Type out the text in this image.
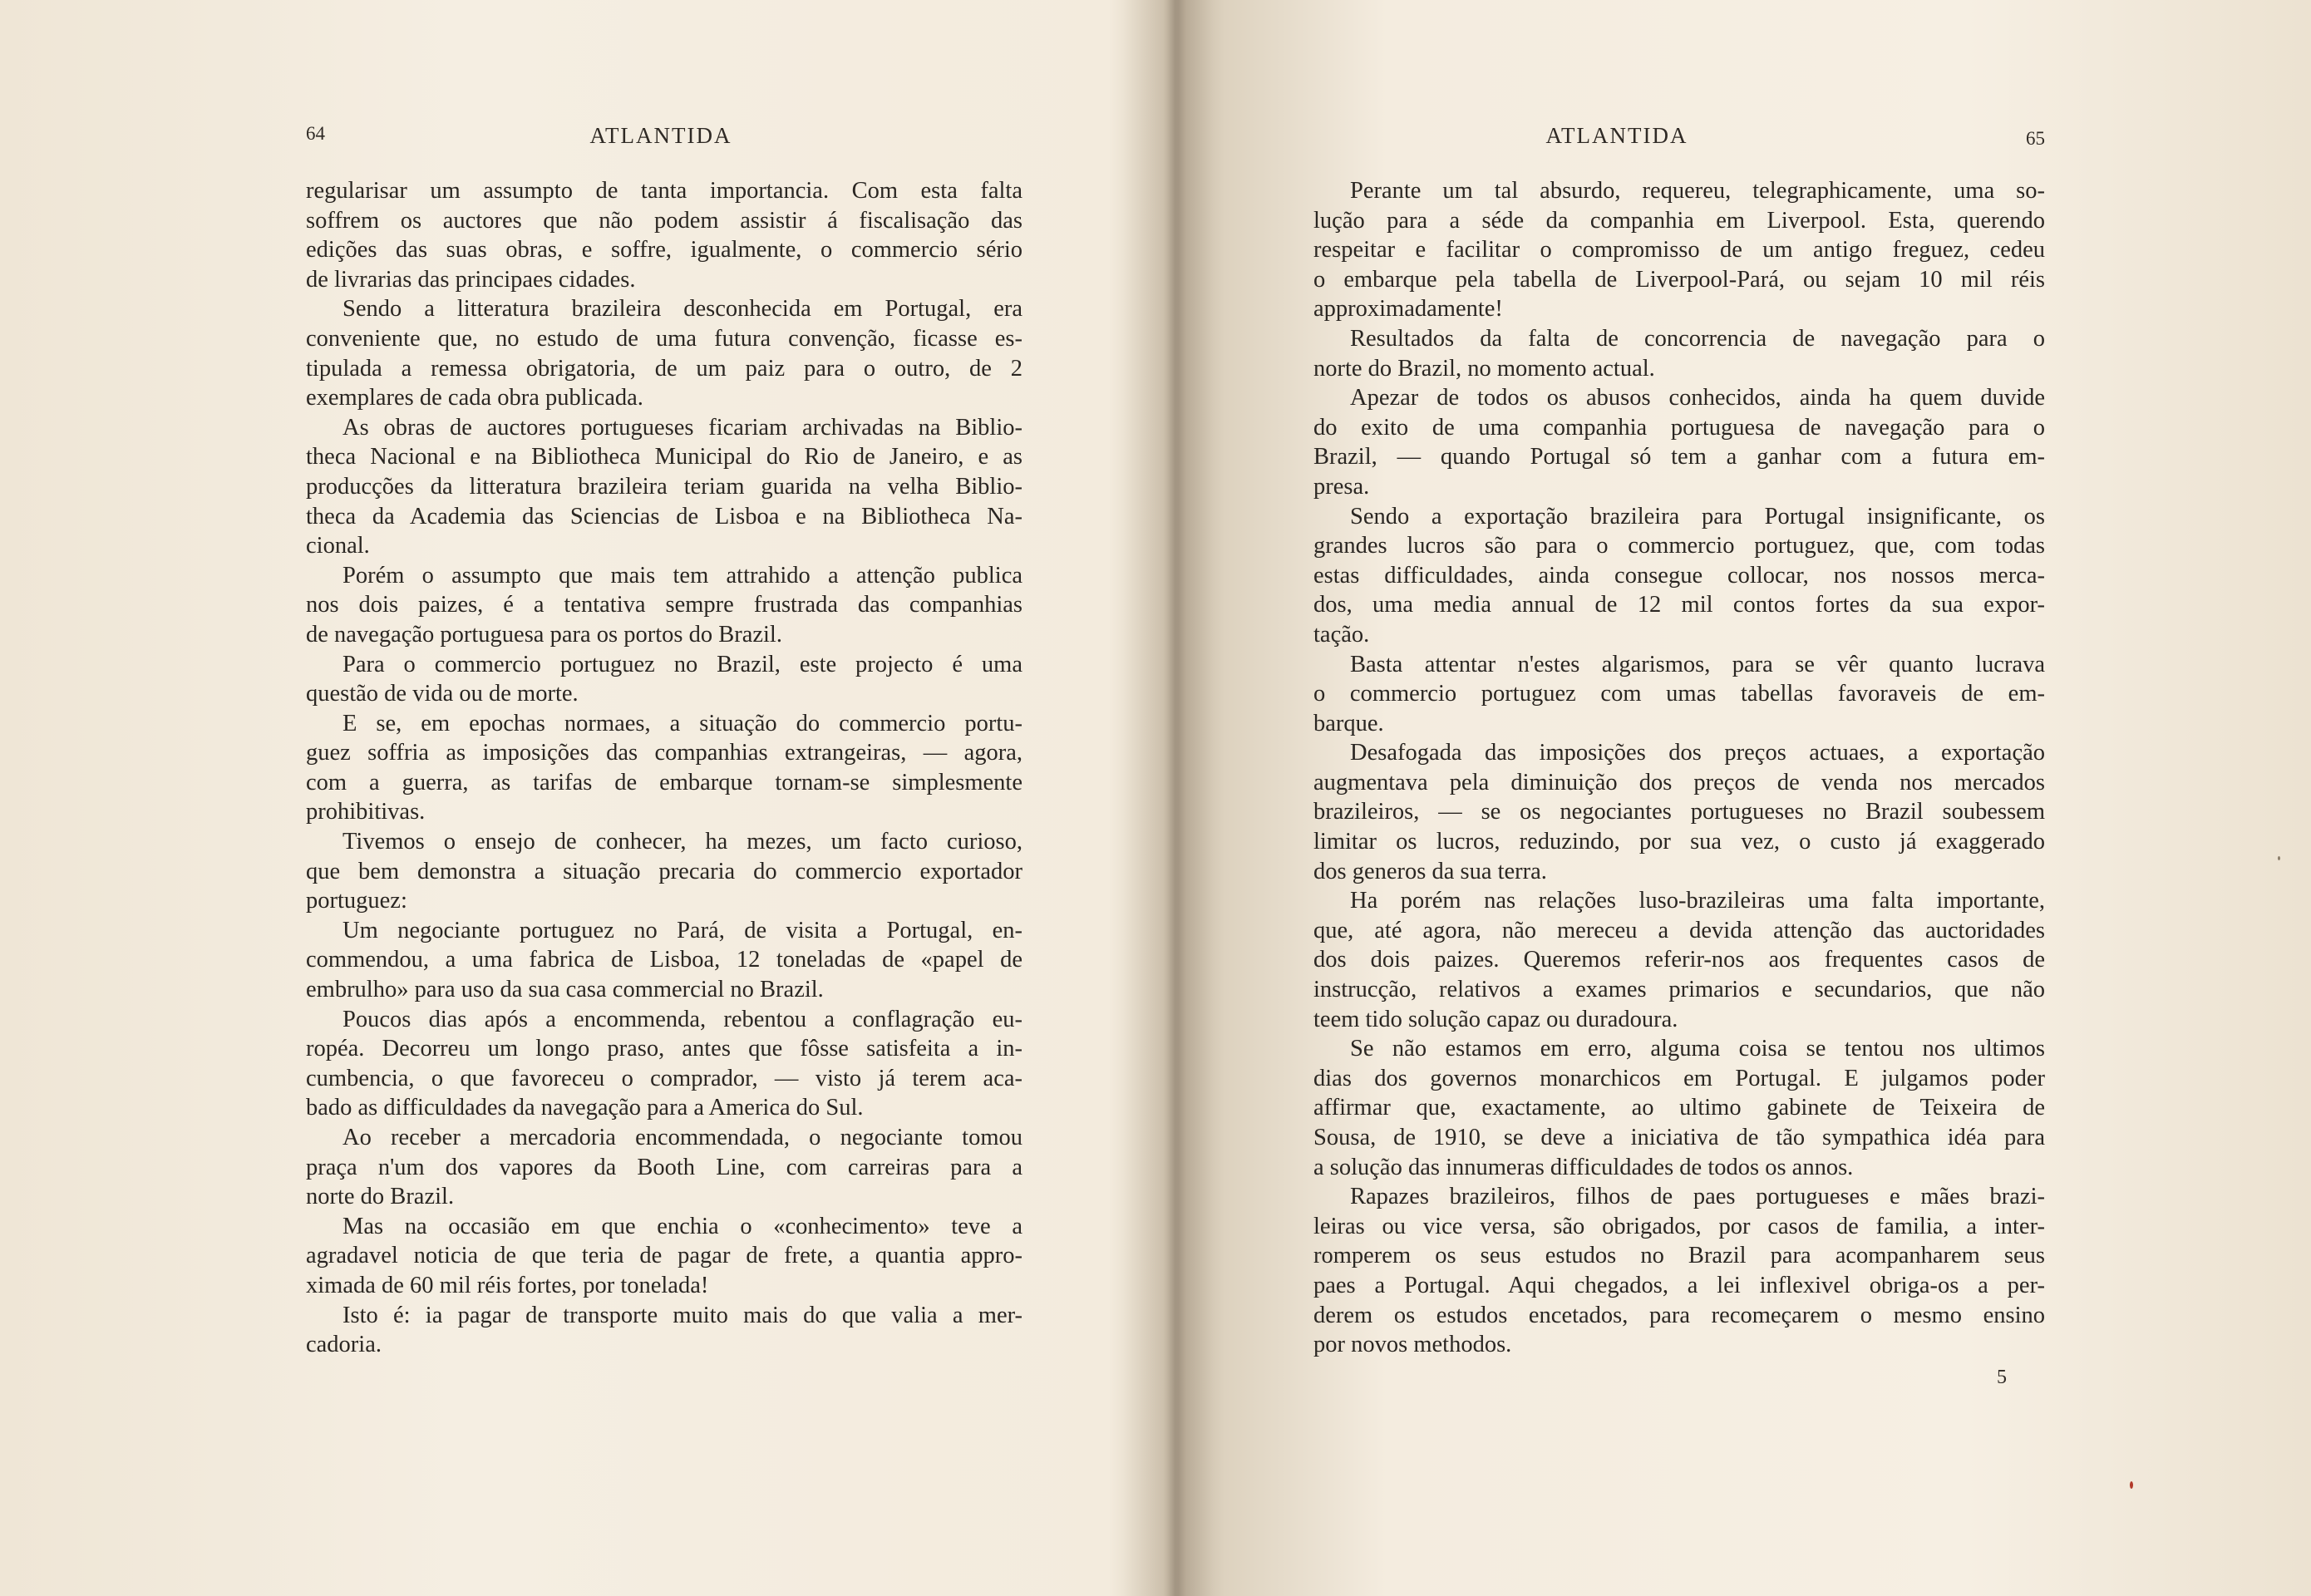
64	ATLANTIDA
regularisar um assumpto de tanta importancia. Com esta falta
soffrem os auctores que não podem assistir á fiscalisação das
edições das suas obras, e soffre, igualmente, o commercio sério
de livrarias das principaes cidades.
Sendo a litteratura brazileira desconhecida em Portugal, era
conveniente que, no estudo de uma futura convenção, ficasse es-
tipulada a remessa obrigatoria, de um paiz para o outro, de 2
exemplares de cada obra publicada.
As obras de auctores portugueses ficariam archivadas na Biblio-
theca Nacional e na Bibliotheca Municipal do Rio de Janeiro, e as
producções da litteratura brazileira teriam guarida na velha Biblio-
theca da Academia das Sciencias de Lisboa e na Bibliotheca Na-
cional.
Porém o assumpto que mais tem attrahido a attenção publica
nos dois paizes, é a tentativa sempre frustrada das companhias
de navegação portuguesa para os portos do Brazil.
Para o commercio portuguez no Brazil, este projecto é uma
questão de vida ou de morte.
E se, em epochas normaes, a situação do commercio portu-
guez soffria as imposições das companhias extrangeiras, — agora,
com a guerra, as tarifas de embarque tornam-se simplesmente
prohibitivas.
Tivemos o ensejo de conhecer, ha mezes, um facto curioso,
que bem demonstra a situação precaria do commercio exportador
portuguez:
Um negociante portuguez no Pará, de visita a Portugal, en-
commendou, a uma fabrica de Lisboa, 12 toneladas de «papel de
embrulho» para uso da sua casa commercial no Brazil.
Poucos dias após a encommenda, rebentou a conflagração eu-
ropéa. Decorreu um longo praso, antes que fôsse satisfeita a in-
cumbencia, o que favoreceu o comprador, — visto já terem aca-
bado as difficuldades da navegação para a America do Sul.
Ao receber a mercadoria encommendada, o negociante tomou
praça n'um dos vapores da Booth Line, com carreiras para a
norte do Brazil.
Mas na occasião em que enchia o «conhecimento» teve a
agradavel noticia de que teria de pagar de frete, a quantia appro-
ximada de 60 mil réis fortes, por tonelada!
Isto é: ia pagar de transporte muito mais do que valia a mer-
cadoria.
ATLANTIDA	65
Perante um tal absurdo, requereu, telegraphicamente, uma so-
lução para a séde da companhia em Liverpool. Esta, querendo
respeitar e facilitar o compromisso de um antigo freguez, cedeu
o embarque pela tabella de Liverpool-Pará, ou sejam 10 mil réis
approximadamente!
Resultados da falta de concorrencia de navegação para o
norte do Brazil, no momento actual.
Apezar de todos os abusos conhecidos, ainda ha quem duvide
do exito de uma companhia portuguesa de navegação para o
Brazil, — quando Portugal só tem a ganhar com a futura em-
presa.
Sendo a exportação brazileira para Portugal insignificante, os
grandes lucros são para o commercio portuguez, que, com todas
estas difficuldades, ainda consegue collocar, nos nossos merca-
dos, uma media annual de 12 mil contos fortes da sua expor-
tação.
Basta attentar n'estes algarismos, para se vêr quanto lucrava
o commercio portuguez com umas tabellas favoraveis de em-
barque.
Desafogada das imposições dos preços actuaes, a exportação
augmentava pela diminuição dos preços de venda nos mercados
brazileiros, — se os negociantes portugueses no Brazil soubessem
limitar os lucros, reduzindo, por sua vez, o custo já exaggerado
dos generos da sua terra.
Ha porém nas relações luso-brazileiras uma falta importante,
que, até agora, não mereceu a devida attenção das auctoridades
dos dois paizes. Queremos referir-nos aos frequentes casos de
instrucção, relativos a exames primarios e secundarios, que não
teem tido solução capaz ou duradoura.
Se não estamos em erro, alguma coisa se tentou nos ultimos
dias dos governos monarchicos em Portugal. E julgamos poder
affirmar que, exactamente, ao ultimo gabinete de Teixeira de
Sousa, de 1910, se deve a iniciativa de tão sympathica idéa para
a solução das innumeras difficuldades de todos os annos.
Rapazes brazileiros, filhos de paes portugueses e mães brazi-
leiras ou vice versa, são obrigados, por casos de familia, a inter-
romperem os seus estudos no Brazil para acompanharem seus
paes a Portugal. Aqui chegados, a lei inflexivel obriga-os a per-
derem os estudos encetados, para recomeçarem o mesmo ensino
por novos methodos.
5
